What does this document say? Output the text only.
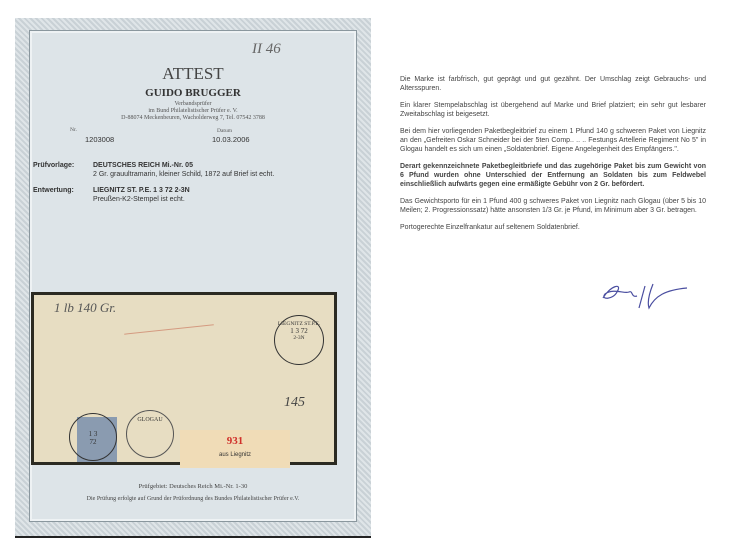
II 46
ATTEST
GUIDO BRUGGER
Verbandsprüfer
im Bund Philatelistischer Prüfer e. V.
D-88074 Meckenbeuren, Wacholderweg 7, Tel. 07542 3788
Nr.
1203008
Datum
10.03.2006
Prüfvorlage:	DEUTSCHES REICH Mi.-Nr. 05
2 Gr. grauultramarin, kleiner Schild, 1872 auf Brief ist echt.
Entwertung:	LIEGNITZ ST. P.E. 1 3 72 2-3N
Preußen-K2-Stempel ist echt.
1 lb 140 Gr.
LIEGNITZ ST.P.E.
1 3 72
2-3N
145
1 3
72
GLOGAU
931
aus Liegnitz
Prüfgebiet: Deutsches Reich Mi.-Nr. 1-30
Die Prüfung erfolgte auf Grund der Prüfordnung des Bundes Philatelistischer Prüfer e.V.

Die Marke ist farbfrisch, gut geprägt und gut gezähnt. Der Umschlag zeigt Gebrauchs- und Altersspuren.

Ein klarer Stempelabschlag ist übergehend auf Marke und Brief platziert; ein sehr gut lesbarer Zweitabschlag ist beigesetzt.

Bei dem hier vorliegenden Paketbegleitbrief zu einem 1 Pfund 140 g schweren Paket von Liegnitz an den „Gefreiten Oskar Schneider bei der 5ten Comp.. .. .. Festungs Artellerie Regiment No 5" in Glogau handelt es sich um einen „Soldatenbrief. Eigene Angelegenheit des Empfängers.".

Derart gekennzeichnete Paketbegleitbriefe und das zugehörige Paket bis zum Gewicht von 6 Pfund wurden ohne Unterschied der Entfernung an Soldaten bis zum Feldwebel einschließlich aufwärts gegen eine ermäßigte Gebühr von 2 Gr. befördert.

Das Gewichtsporto für ein 1 Pfund 400 g schweres Paket von Liegnitz nach Glogau (über 5 bis 10 Meilen; 2. Progressionssatz) hätte ansonsten 1/3 Gr. je Pfund, im Minimum aber 3 Gr. betragen.

Portogerechte Einzelfrankatur auf seltenem Soldatenbrief.
